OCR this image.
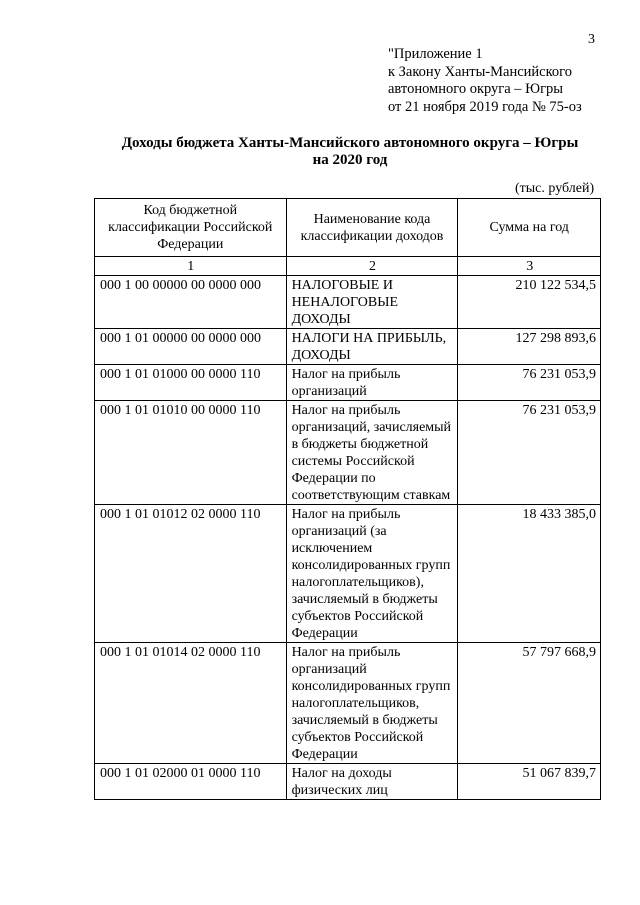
3
"Приложение 1
к Закону Ханты-Мансийского
автономного округа – Югры
от 21 ноября 2019 года № 75-оз
Доходы бюджета Ханты-Мансийского автономного округа – Югры
на 2020 год
(тыс. рублей)
Код бюджетной классификации Российской Федерации	Наименование кода классификации доходов	Сумма на год
1	2	3
000 1 00 00000 00 0000 000	НАЛОГОВЫЕ И НЕНАЛОГОВЫЕ ДОХОДЫ	210 122 534,5
000 1 01 00000 00 0000 000	НАЛОГИ НА ПРИБЫЛЬ, ДОХОДЫ	127 298 893,6
000 1 01 01000 00 0000 110	Налог на прибыль организаций	76 231 053,9
000 1 01 01010 00 0000 110	Налог на прибыль организаций, зачисляемый в бюджеты бюджетной системы Российской Федерации по соответствующим ставкам	76 231 053,9
000 1 01 01012 02 0000 110	Налог на прибыль организаций (за исключением консолидированных групп налогоплательщиков), зачисляемый в бюджеты субъектов Российской Федерации	18 433 385,0
000 1 01 01014 02 0000 110	Налог на прибыль организаций консолидированных групп налогоплательщиков, зачисляемый в бюджеты субъектов Российской Федерации	57 797 668,9
000 1 01 02000 01 0000 110	Налог на доходы физических лиц	51 067 839,7
